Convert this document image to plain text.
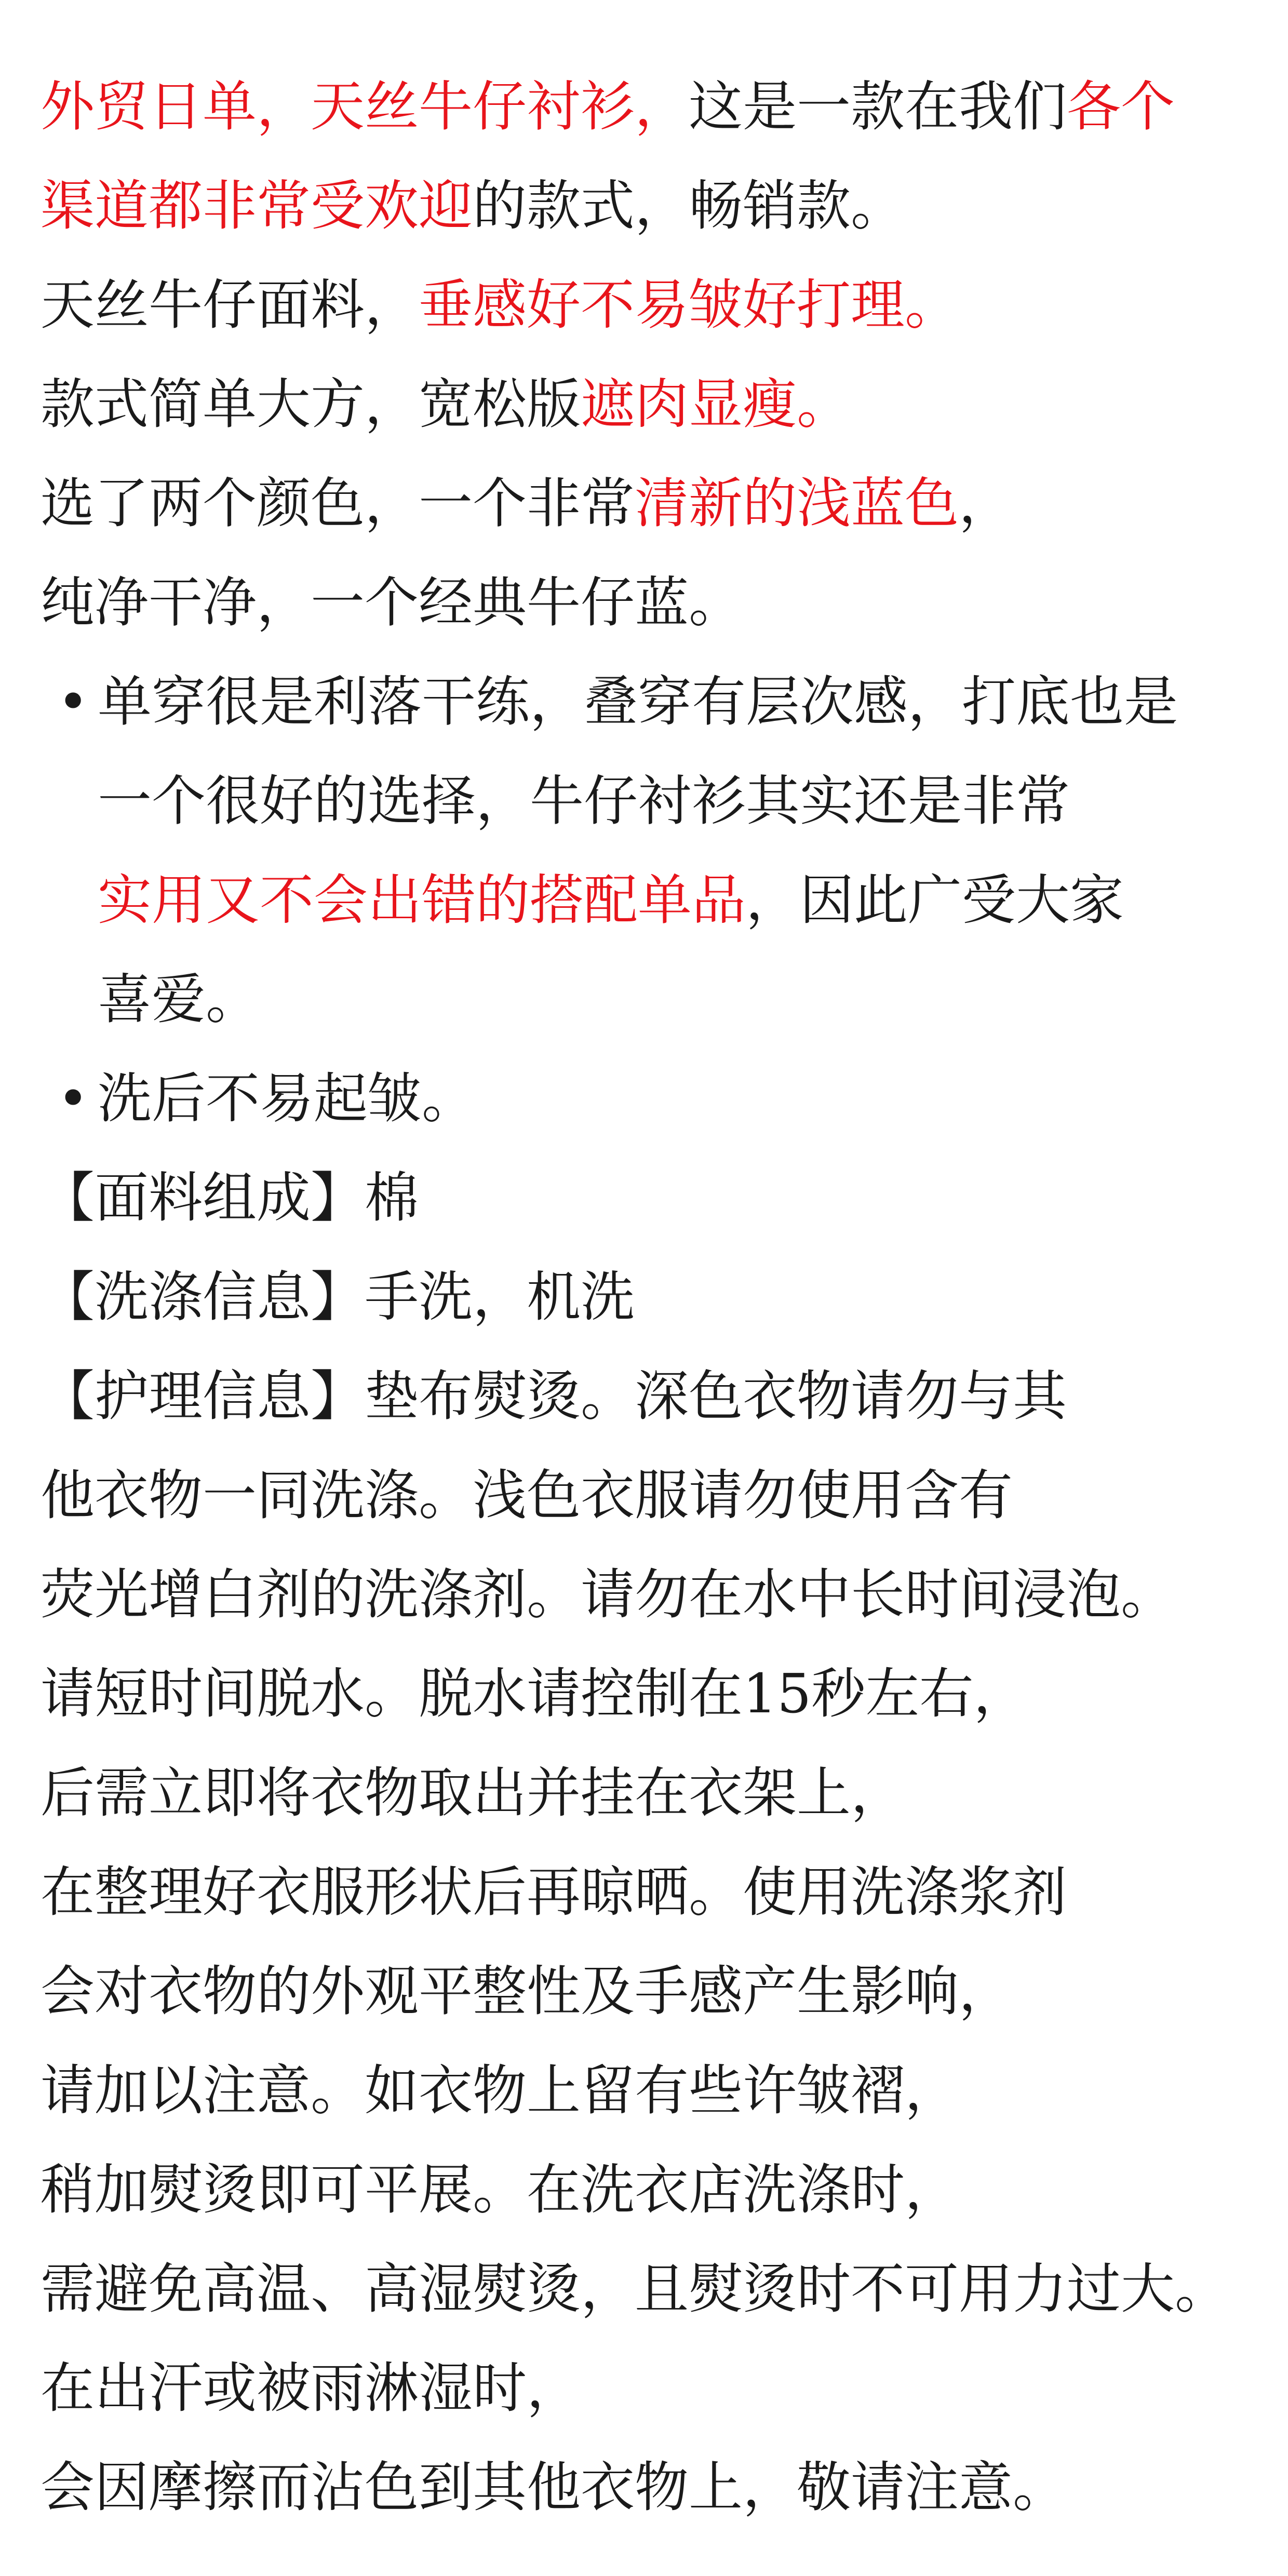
外贸日单，天丝牛仔衬衫，这是一款在我们各个
渠道都非常受欢迎的款式，畅销款。
天丝牛仔面料，垂感好不易皱好打理。
款式简单大方，宽松版遮肉显瘦。
选了两个颜色，一个非常清新的浅蓝色，
纯净干净，一个经典牛仔蓝。
• 单穿很是利落干练，叠穿有层次感，打底也是
一个很好的选择，牛仔衬衫其实还是非常
实用又不会出错的搭配单品，因此广受大家
喜爱。
• 洗后不易起皱。
【面料组成】棉
【洗涤信息】手洗，机洗
【护理信息】垫布熨烫。深色衣物请勿与其
他衣物一同洗涤。浅色衣服请勿使用含有
荧光增白剂的洗涤剂。请勿在水中长时间浸泡。
请短时间脱水。脱水请控制在15秒左右，
后需立即将衣物取出并挂在衣架上，
在整理好衣服形状后再晾晒。使用洗涤浆剂
会对衣物的外观平整性及手感产生影响，
请加以注意。如衣物上留有些许皱褶，
稍加熨烫即可平展。在洗衣店洗涤时，
需避免高温、高湿熨烫，且熨烫时不可用力过大。
在出汗或被雨淋湿时，
会因摩擦而沾色到其他衣物上，敬请注意。
